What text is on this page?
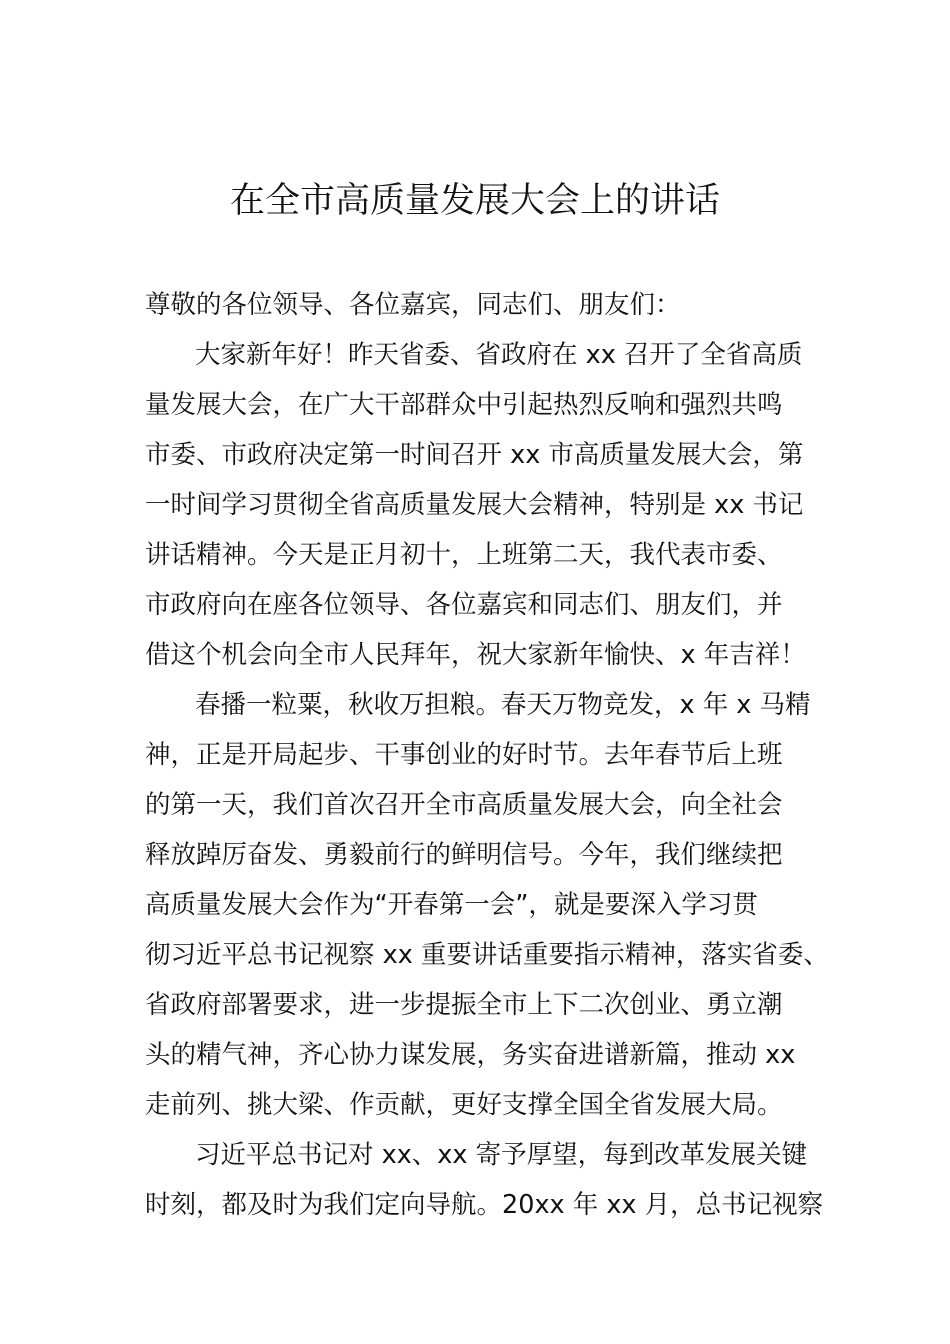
在全市高质量发展大会上的讲话

尊敬的各位领导、各位嘉宾，同志们、朋友们：

大家新年好！昨天省委、省政府在 xx 召开了全省高质

量发展大会，在广大干部群众中引起热烈反响和强烈共鸣

市委、市政府决定第一时间召开 xx 市高质量发展大会，第

一时间学习贯彻全省高质量发展大会精神，特别是 xx 书记

讲话精神。今天是正月初十，上班第二天，我代表市委、

市政府向在座各位领导、各位嘉宾和同志们、朋友们，并

借这个机会向全市人民拜年，祝大家新年愉快、x 年吉祥！

春播一粒粟，秋收万担粮。春天万物竞发，x 年 x 马精

神，正是开局起步、干事创业的好时节。去年春节后上班

的第一天，我们首次召开全市高质量发展大会，向全社会

释放踔厉奋发、勇毅前行的鲜明信号。今年，我们继续把

高质量发展大会作为“开春第一会”，就是要深入学习贯

彻习近平总书记视察 xx 重要讲话重要指示精神，落实省委、

省政府部署要求，进一步提振全市上下二次创业、勇立潮

头的精气神，齐心协力谋发展，务实奋进谱新篇，推动 xx

走前列、挑大梁、作贡献，更好支撑全国全省发展大局。

习近平总书记对 xx、xx 寄予厚望，每到改革发展关键

时刻，都及时为我们定向导航。20xx 年 xx 月，总书记视察
